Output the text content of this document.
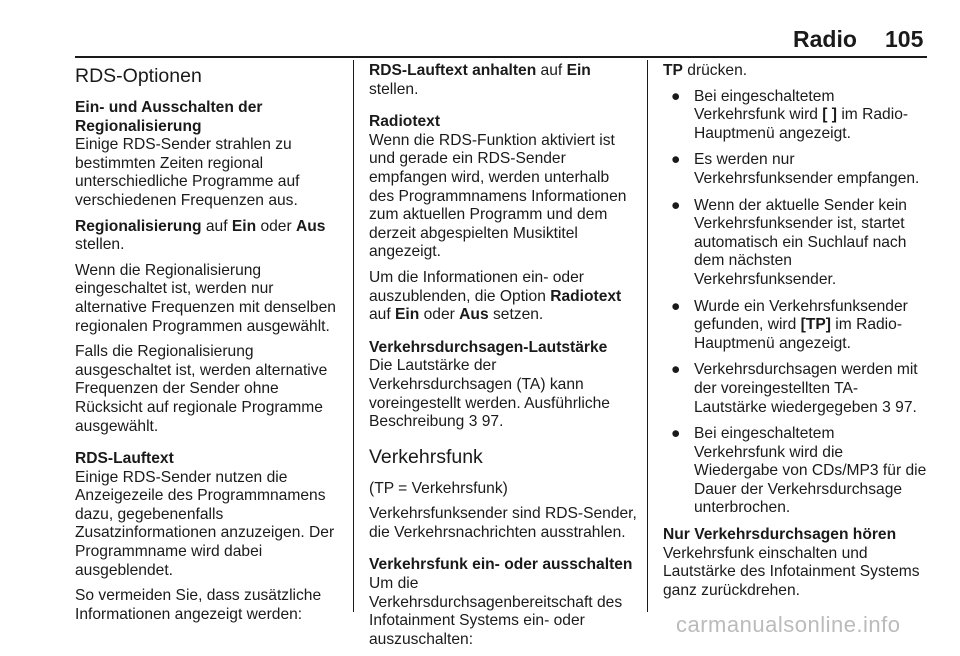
Radio 105

RDS-Optionen

Ein- und Ausschalten der Regionalisierung

Einige RDS-Sender strahlen zu bestimmten Zeiten regional unterschiedliche Programme auf verschiedenen Frequenzen aus.

Regionalisierung auf Ein oder Aus stellen.

Wenn die Regionalisierung eingeschaltet ist, werden nur alternative Frequenzen mit denselben regionalen Programmen ausgewählt.

Falls die Regionalisierung ausgeschaltet ist, werden alternative Frequenzen der Sender ohne Rücksicht auf regionale Programme ausgewählt.

RDS-Lauftext

Einige RDS-Sender nutzen die Anzeigezeile des Programmnamens dazu, gegebenenfalls Zusatzinformationen anzuzeigen. Der Programmname wird dabei ausgeblendet.

So vermeiden Sie, dass zusätzliche Informationen angezeigt werden:

RDS-Lauftext anhalten auf Ein stellen.

Radiotext

Wenn die RDS-Funktion aktiviert ist und gerade ein RDS-Sender empfangen wird, werden unterhalb des Programmnamens Informationen zum aktuellen Programm und dem derzeit abgespielten Musiktitel angezeigt.

Um die Informationen ein- oder auszublenden, die Option Radiotext auf Ein oder Aus setzen.

Verkehrsdurchsagen-Lautstärke

Die Lautstärke der Verkehrsdurchsagen (TA) kann voreingestellt werden. Ausführliche Beschreibung 3 97.

Verkehrsfunk

(TP = Verkehrsfunk)

Verkehrsfunksender sind RDS-Sender, die Verkehrsnachrichten ausstrahlen.

Verkehrsfunk ein- oder ausschalten

Um die Verkehrsdurchsagenbereitschaft des Infotainment Systems ein- oder auszuschalten:

TP drücken.

● Bei eingeschaltetem Verkehrsfunk wird [ ] im Radio-Hauptmenü angezeigt.
● Es werden nur Verkehrsfunksender empfangen.
● Wenn der aktuelle Sender kein Verkehrsfunksender ist, startet automatisch ein Suchlauf nach dem nächsten Verkehrsfunksender.
● Wurde ein Verkehrsfunksender gefunden, wird [TP] im Radio-Hauptmenü angezeigt.
● Verkehrsdurchsagen werden mit der voreingestellten TA-Lautstärke wiedergegeben 3 97.
● Bei eingeschaltetem Verkehrsfunk wird die Wiedergabe von CDs/MP3 für die Dauer der Verkehrsdurchsage unterbrochen.

Nur Verkehrsdurchsagen hören

Verkehrsfunk einschalten und Lautstärke des Infotainment Systems ganz zurückdrehen.

carmanualsonline.info
